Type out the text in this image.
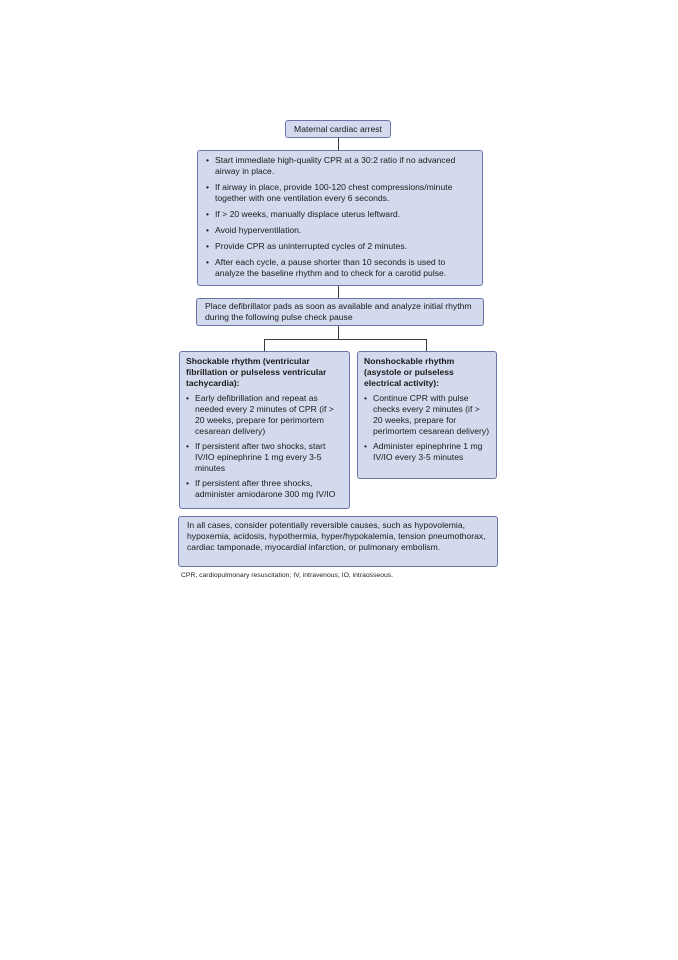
Maternal cardiac arrest
• Start immediate high-quality CPR at a 30:2 ratio if no advanced airway in place.
• If airway in place, provide 100-120 chest compressions/minute together with one ventilation every 6 seconds.
• If > 20 weeks, manually displace uterus leftward.
• Avoid hyperventilation.
• Provide CPR as uninterrupted cycles of 2 minutes.
• After each cycle, a pause shorter than 10 seconds is used to analyze the baseline rhythm and to check for a carotid pulse.
Place defibrillator pads as soon as available and analyze initial rhythm during the following pulse check pause
Shockable rhythm (ventricular fibrillation or pulseless ventricular tachycardia):
• Early defibrillation and repeat as needed every 2 minutes of CPR (if > 20 weeks, prepare for perimortem cesarean delivery)
• If persistent after two shocks, start IV/IO epinephrine 1 mg every 3-5 minutes
• If persistent after three shocks, administer amiodarone 300 mg IV/IO
Nonshockable rhythm (asystole or pulseless electrical activity):
• Continue CPR with pulse checks every 2 minutes (if > 20 weeks, prepare for perimortem cesarean delivery)
• Administer epinephrine 1 mg IV/IO every 3-5 minutes
In all cases, consider potentially reversible causes, such as hypovolemia, hypoxemia, acidosis, hypothermia, hyper/hypokalemia, tension pneumothorax, cardiac tamponade, myocardial infarction, or pulmonary embolism.
CPR, cardiopulmonary resuscitation; IV, intravenous; IO, intraosseous.
